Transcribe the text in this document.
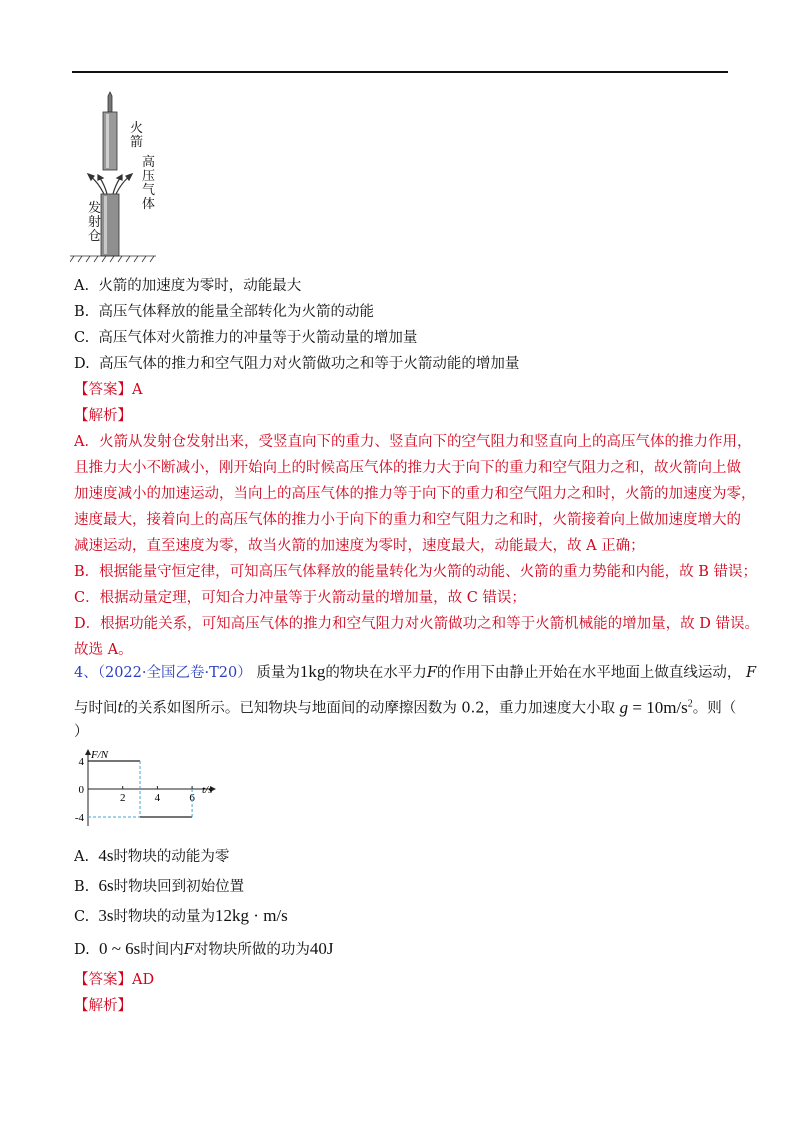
火箭
高压气体
发射仓
A. 火箭的加速度为零时，动能最大
B. 高压气体释放的能量全部转化为火箭的动能
C. 高压气体对火箭推力的冲量等于火箭动量的增加量
D. 高压气体的推力和空气阻力对火箭做功之和等于火箭动能的增加量
【答案】A
【解析】
A．火箭从发射仓发射出来，受竖直向下的重力、竖直向下的空气阻力和竖直向上的高压气体的推力作用，
且推力大小不断减小，刚开始向上的时候高压气体的推力大于向下的重力和空气阻力之和，故火箭向上做
加速度减小的加速运动，当向上的高压气体的推力等于向下的重力和空气阻力之和时，火箭的加速度为零，
速度最大，接着向上的高压气体的推力小于向下的重力和空气阻力之和时，火箭接着向上做加速度增大的
减速运动，直至速度为零，故当火箭的加速度为零时，速度最大，动能最大，故 A 正确；
B．根据能量守恒定律，可知高压气体释放的能量转化为火箭的动能、火箭的重力势能和内能，故 B 错误；
C．根据动量定理，可知合力冲量等于火箭动量的增加量，故 C 错误；
D．根据功能关系，可知高压气体的推力和空气阻力对火箭做功之和等于火箭机械能的增加量，故 D 错误。
故选 A。
4、（2022·全国乙卷·T20） 质量为1kg的物块在水平力F的作用下由静止开始在水平地面上做直线运动， F
与时间t的关系如图所示。已知物块与地面间的动摩擦因数为 0.2，重力加速度大小取 $g = 10m/s^2$。则（
）
F/N
t/s
4
0
-4
2	4	6
A. 4s时物块的动能为零
B. 6s时物块回到初始位置
C. 3s时物块的动量为12kg · m/s
D. 0 ~ 6s时间内F对物块所做的功为40J
【答案】AD
【解析】
